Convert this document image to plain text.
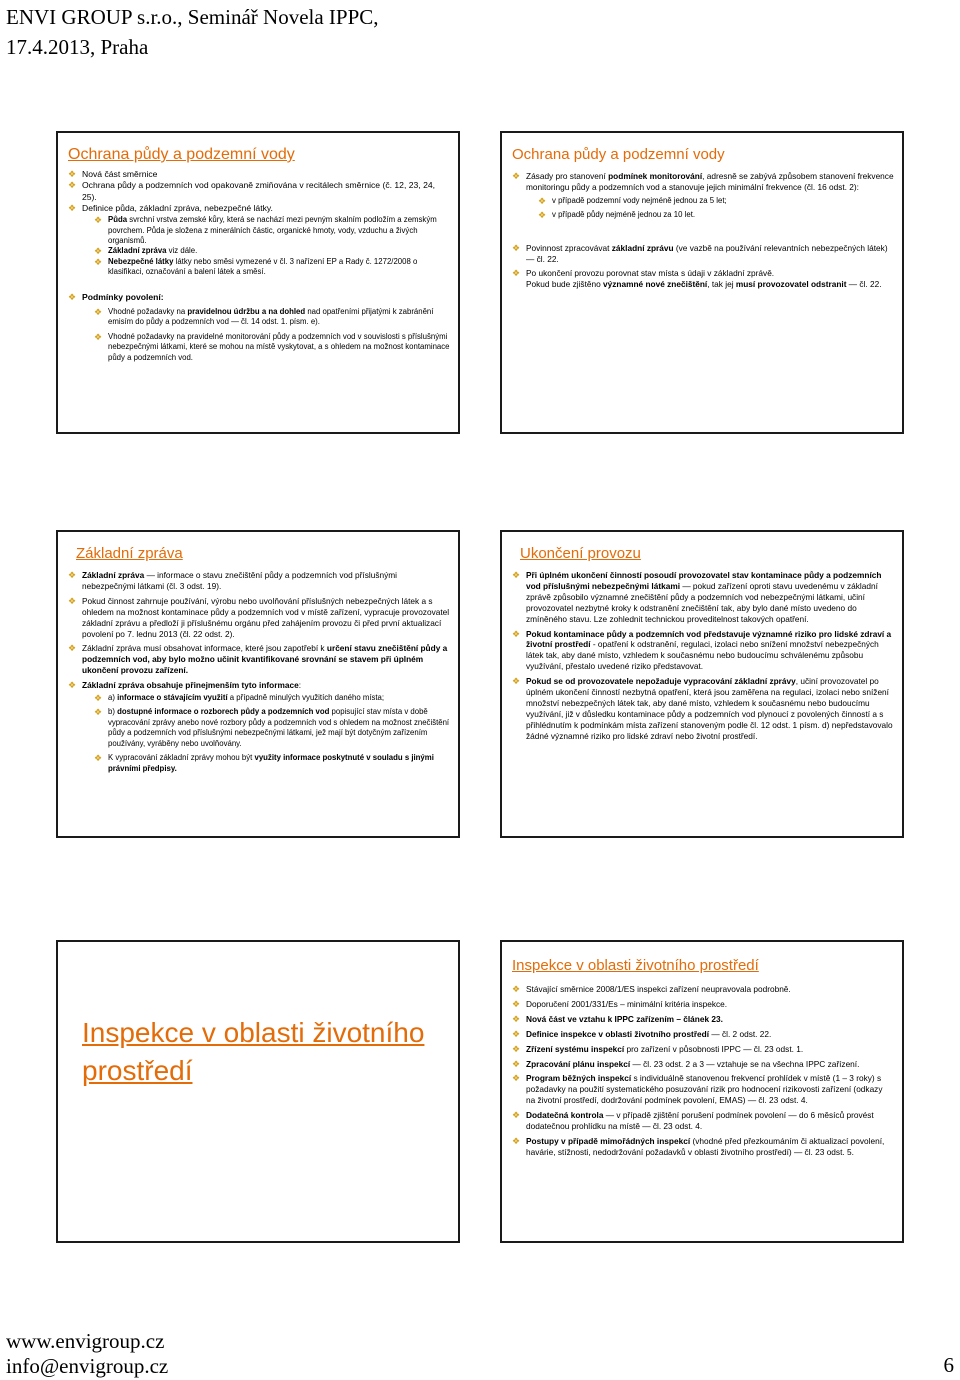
ENVI GROUP s.r.o., Seminář Novela IPPC,
17.4.2013, Praha
Ochrana půdy a podzemní vody
❖ Nová část směrnice
❖ Ochrana půdy a podzemních vod opakovaně zmiňována v recitálech směrnice (č. 12, 23, 24, 25).
❖ Definice půda, základní zpráva, nebezpečné látky.
❖ Půda svrchní vrstva zemské kůry, která se nachází mezi pevným skalním podložím a zemským povrchem. Půda je složena z minerálních částic, organické hmoty, vody, vzduchu a živých organismů.
❖ Základní zpráva viz dále.
❖ Nebezpečné látky látky nebo směsi vymezené v čl. 3 nařízení EP a Rady č. 1272/2008 o klasifikaci, označování a balení látek a směsí.
❖ Podmínky povolení:
❖ Vhodné požadavky na pravidelnou údržbu a na dohled nad opatřeními přijatými k zabránění emisím do půdy a podzemních vod — čl. 14 odst. 1. písm. e).
❖ Vhodné požadavky na pravidelné monitorování půdy a podzemních vod v souvislosti s příslušnými nebezpečnými látkami, které se mohou na místě vyskytovat, a s ohledem na možnost kontaminace půdy a podzemních vod.
Ochrana půdy a podzemní vody
❖ Zásady pro stanovení podmínek monitorování, adresně se zabývá způsobem stanovení frekvence monitoringu půdy a podzemních vod a stanovuje jejich minimální frekvence (čl. 16 odst. 2):
❖ v případě podzemní vody nejméně jednou za 5 let;
❖ v případě půdy nejméně jednou za 10 let.
❖ Povinnost zpracovávat základní zprávu (ve vazbě na používání relevantních nebezpečných látek) — čl. 22.
❖ Po ukončení provozu porovnat stav místa s údaji v základní zprávě.
Pokud bude zjištěno významné nové znečištění, tak jej musí provozovatel odstranit — čl. 22.
Základní zpráva
❖ Základní zpráva — informace o stavu znečištění půdy a podzemních vod příslušnými nebezpečnými látkami (čl. 3 odst. 19).
❖ Pokud činnost zahrnuje používání, výrobu nebo uvolňování příslušných nebezpečných látek a s ohledem na možnost kontaminace půdy a podzemních vod v místě zařízení, vypracuje provozovatel základní zprávu a předloží ji příslušnému orgánu před zahájením provozu či před první aktualizací povolení po 7. lednu 2013 (čl. 22 odst. 2).
❖ Základní zpráva musí obsahovat informace, které jsou zapotřebí k určení stavu znečištění půdy a podzemních vod, aby bylo možno učinit kvantifikované srovnání se stavem při úplném ukončení provozu zařízení.
❖ Základní zpráva obsahuje přinejmenším tyto informace:
❖ a) informace o stávajícím využití a případně minulých využitích daného místa;
❖ b) dostupné informace o rozborech půdy a podzemních vod popisující stav místa v době vypracování zprávy anebo nové rozbory půdy a podzemních vod s ohledem na možnost znečištění půdy a podzemních vod příslušnými nebezpečnými látkami, jež mají být dotyčným zařízením používány, vyráběny nebo uvolňovány.
❖ K vypracování základní zprávy mohou být využity informace poskytnuté v souladu s jinými právními předpisy.
Ukončení provozu
❖ Při úplném ukončení činností posoudí provozovatel stav kontaminace půdy a podzemních vod příslušnými nebezpečnými látkami — pokud zařízení oproti stavu uvedenému v základní zprávě způsobilo významné znečištění půdy a podzemních vod nebezpečnými látkami, učiní provozovatel nezbytné kroky k odstranění znečištění tak, aby bylo dané místo uvedeno do zmíněného stavu. Lze zohlednit technickou proveditelnost takových opatření.
❖ Pokud kontaminace půdy a podzemních vod představuje významné riziko pro lidské zdraví a životní prostředí - opatření k odstranění, regulaci, izolaci nebo snížení množství nebezpečných látek tak, aby dané místo, vzhledem k současnému nebo budoucímu schválenému způsobu využívání, přestalo uvedené riziko představovat.
❖ Pokud se od provozovatele nepožaduje vypracování základní zprávy, učiní provozovatel po úplném ukončení činností nezbytná opatření, která jsou zaměřena na regulaci, izolaci nebo snížení množství nebezpečných látek tak, aby dané místo, vzhledem k současnému nebo budoucímu využívání, již v důsledku kontaminace půdy a podzemních vod plynoucí z povolených činností a s přihlédnutím k podmínkám místa zařízení stanoveným podle čl. 12 odst. 1 písm. d) nepředstavovalo žádné významné riziko pro lidské zdraví nebo životní prostředí.
Inspekce v oblasti životního prostředí
Inspekce v oblasti životního prostředí
❖ Stávající směrnice 2008/1/ES inspekci zařízení neupravovala podrobně.
❖ Doporučení 2001/331/Es – minimální kritéria inspekce.
❖ Nová část ve vztahu k IPPC zařízením – článek 23.
❖ Definice inspekce v oblasti životního prostředí — čl. 2 odst. 22.
❖ Zřízení systému inspekcí pro zařízení v působnosti IPPC — čl. 23 odst. 1.
❖ Zpracování plánu inspekcí — čl. 23 odst. 2 a 3 — vztahuje se na všechna IPPC zařízení.
❖ Program běžných inspekcí s individuálně stanovenou frekvencí prohlídek v místě (1 – 3 roky) s požadavky na použití systematického posuzování rizik pro hodnocení rizikovosti zařízení (odkazy na životní prostředí, dodržování podmínek povolení, EMAS) — čl. 23 odst. 4.
❖ Dodatečná kontrola — v případě zjištění porušení podmínek povolení — do 6 měsíců provést dodatečnou prohlídku na místě — čl. 23 odst. 4.
❖ Postupy v případě mimořádných inspekcí (vhodné před přezkoumáním či aktualizací povolení, havárie, stížnosti, nedodržování požadavků v oblasti životního prostředí) — čl. 23 odst. 5.
www.envigroup.cz
info@envigroup.cz	6
